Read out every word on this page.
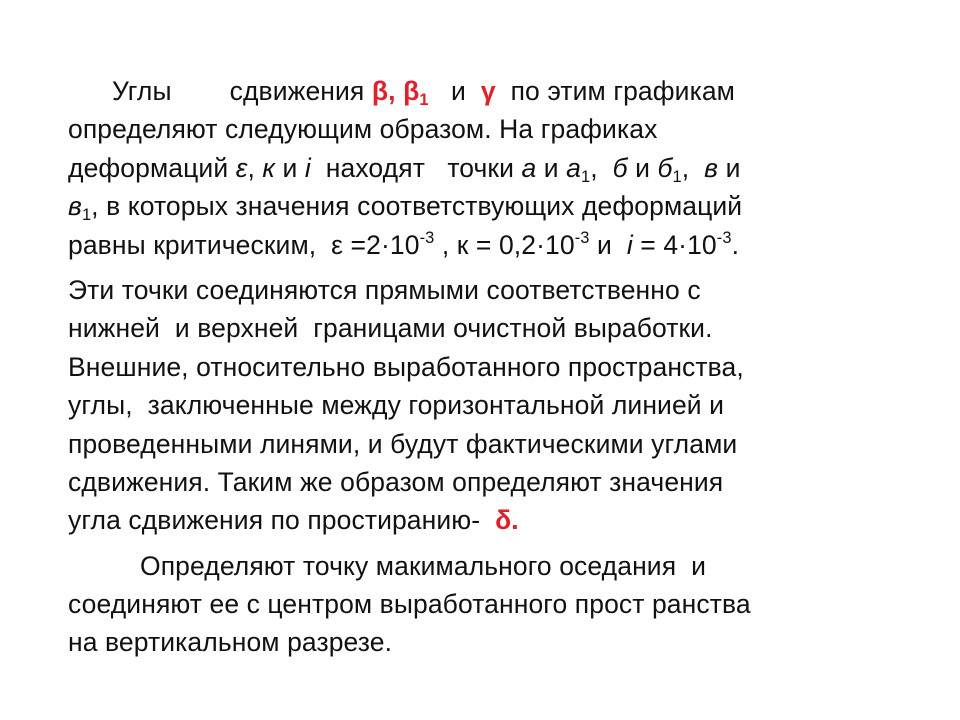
Углы сдвижения β, $\beta_1$ и γ по этим графикам
определяют следующим образом. На графиках
деформаций ε, к и i находят   точки а и $а_1$, б и $б_1$, в и
$в_1$, в которых значения соответствующих деформаций
равны критическим,  $\varepsilon =2\cdot 10^{-3}$ , $к = 0,2\cdot 10^{-3}$ и  $i = 4\cdot 10^{-3}$.

Эти точки соединяются прямыми соответственно с
нижней  и верхней  границами очистной выработки.
Внешние, относительно выработанного пространства,
углы,  заключенные между горизонтальной линией и
проведенными линями, и будут фактическими углами
сдвижения. Таким же образом определяют значения
угла сдвижения по простиранию- δ.

Определяют точку макимального оседания  и
соединяют ее с центром выработанного прост ранства
на вертикальном разрезе.
